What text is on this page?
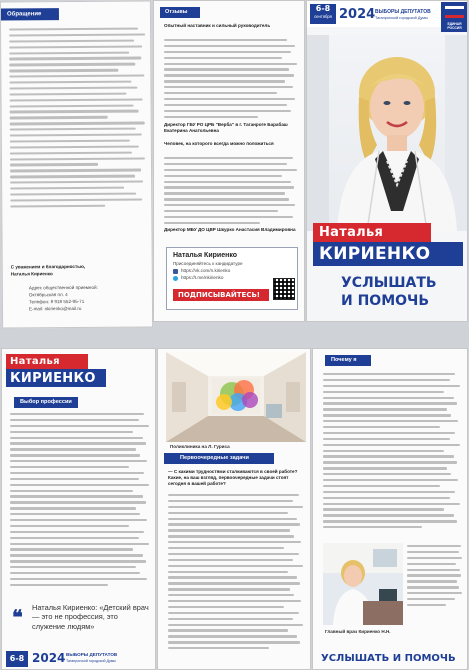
Обращение
С уважением и благодарностью,
Наталья Кириенко
Адрес общественной приемной:
Октябрьская пл. 4
Телефон: 8 918 552-95-71
E-mail: nkirienko@mail.ru
Отзывы
Опытный наставник и сильный руководитель
Директор ГБУ РО ЦРБ "Верба" в г. Таганроге Барабаш Екатерина Анатольевна
Человек, на которого всегда можно положиться
Директор МБУ ДО ЦВР Шкурко Анастасия Владимировна
Наталья Кириенко
Присоединяйтесь к кандидатуре
https://vk.com/n.kirienko
https://t.me/nkirienko
ПОДПИСЫВАЙТЕСЬ!
6-8
сентября 2024 ВЫБОРЫ ДЕПУТАТОВ
Таганрогской городской Думы
ЕДИНАЯ РОССИЯ
Наталья
КИРИЕНКО
УСЛЫШАТЬ
И ПОМОЧЬ
Наталья
КИРИЕНКО
Выбор профессии
❝ Наталья Кириенко: «Детский врач — это не профессия, это служение людям»
6-8 2024 ВЫБОРЫ ДЕПУТАТОВ
Таганрогской городской Думы
Поликлиника на Л. Гуриса
Первоочередные задачи
— С какими трудностями сталкиваются в своей работе? Какие, на ваш взгляд, первоочередные задачи стоят сегодня в вашей работе?
Почему я
Главный врач Кириенко Н.Н.
УСЛЫШАТЬ И ПОМОЧЬ
